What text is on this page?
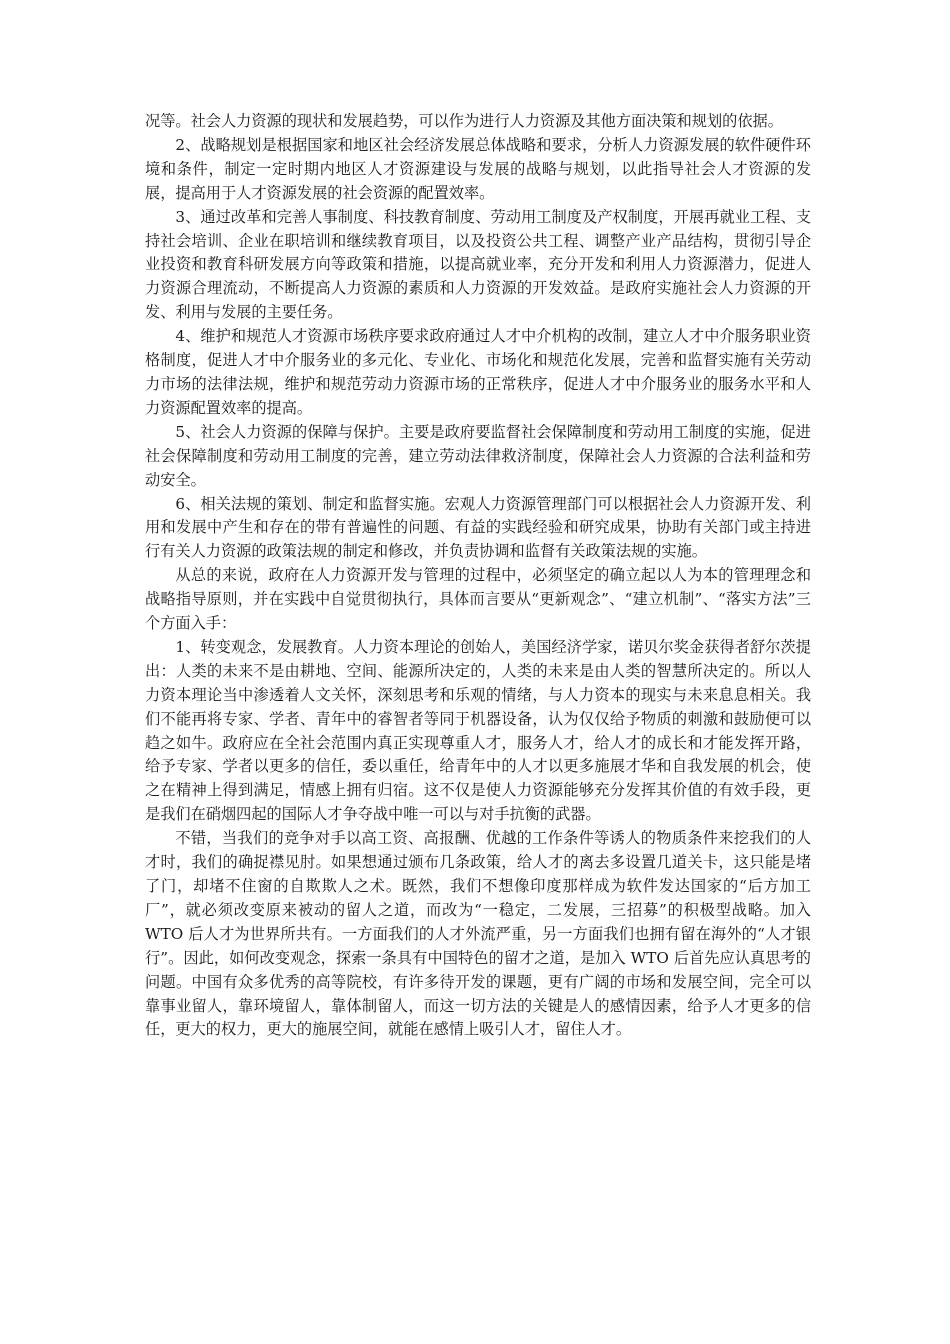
况等。社会人力资源的现状和发展趋势，可以作为进行人力资源及其他方面决策和规划的依据。

2、战略规划是根据国家和地区社会经济发展总体战略和要求，分析人力资源发展的软件硬件环境和条件，制定一定时期内地区人才资源建设与发展的战略与规划，以此指导社会人才资源的发展，提高用于人才资源发展的社会资源的配置效率。

3、通过改革和完善人事制度、科技教育制度、劳动用工制度及产权制度，开展再就业工程、支持社会培训、企业在职培训和继续教育项目，以及投资公共工程、调整产业产品结构，贯彻引导企业投资和教育科研发展方向等政策和措施，以提高就业率，充分开发和利用人力资源潜力，促进人力资源合理流动，不断提高人力资源的素质和人力资源的开发效益。是政府实施社会人力资源的开发、利用与发展的主要任务。

4、维护和规范人才资源市场秩序要求政府通过人才中介机构的改制，建立人才中介服务职业资格制度，促进人才中介服务业的多元化、专业化、市场化和规范化发展，完善和监督实施有关劳动力市场的法律法规，维护和规范劳动力资源市场的正常秩序，促进人才中介服务业的服务水平和人力资源配置效率的提高。

5、社会人力资源的保障与保护。主要是政府要监督社会保障制度和劳动用工制度的实施，促进社会保障制度和劳动用工制度的完善，建立劳动法律救济制度，保障社会人力资源的合法利益和劳动安全。

6、相关法规的策划、制定和监督实施。宏观人力资源管理部门可以根据社会人力资源开发、利用和发展中产生和存在的带有普遍性的问题、有益的实践经验和研究成果，协助有关部门或主持进行有关人力资源的政策法规的制定和修改，并负责协调和监督有关政策法规的实施。

从总的来说，政府在人力资源开发与管理的过程中，必须坚定的确立起以人为本的管理理念和战略指导原则，并在实践中自觉贯彻执行，具体而言要从“更新观念”、“建立机制”、“落实方法”三个方面入手：

1、转变观念，发展教育。人力资本理论的创始人，美国经济学家，诺贝尔奖金获得者舒尔茨提出：人类的未来不是由耕地、空间、能源所决定的，人类的未来是由人类的智慧所决定的。所以人力资本理论当中渗透着人文关怀，深刻思考和乐观的情绪，与人力资本的现实与未来息息相关。我们不能再将专家、学者、青年中的睿智者等同于机器设备，认为仅仅给予物质的刺激和鼓励便可以趋之如牛。政府应在全社会范围内真正实现尊重人才，服务人才，给人才的成长和才能发挥开路，给予专家、学者以更多的信任，委以重任，给青年中的人才以更多施展才华和自我发展的机会，使之在精神上得到满足，情感上拥有归宿。这不仅是使人力资源能够充分发挥其价值的有效手段，更是我们在硝烟四起的国际人才争夺战中唯一可以与对手抗衡的武器。

不错，当我们的竞争对手以高工资、高报酬、优越的工作条件等诱人的物质条件来挖我们的人才时，我们的确捉襟见肘。如果想通过颁布几条政策，给人才的离去多设置几道关卡，这只能是堵了门，却堵不住窗的自欺欺人之术。既然，我们不想像印度那样成为软件发达国家的“后方加工厂”，就必须改变原来被动的留人之道，而改为“一稳定，二发展，三招募”的积极型战略。加入 WTO 后人才为世界所共有。一方面我们的人才外流严重，另一方面我们也拥有留在海外的“人才银行”。因此，如何改变观念，探索一条具有中国特色的留才之道，是加入 WTO 后首先应认真思考的问题。中国有众多优秀的高等院校，有许多待开发的课题，更有广阔的市场和发展空间，完全可以靠事业留人，靠环境留人，靠体制留人，而这一切方法的关键是人的感情因素，给予人才更多的信任，更大的权力，更大的施展空间，就能在感情上吸引人才，留住人才。
